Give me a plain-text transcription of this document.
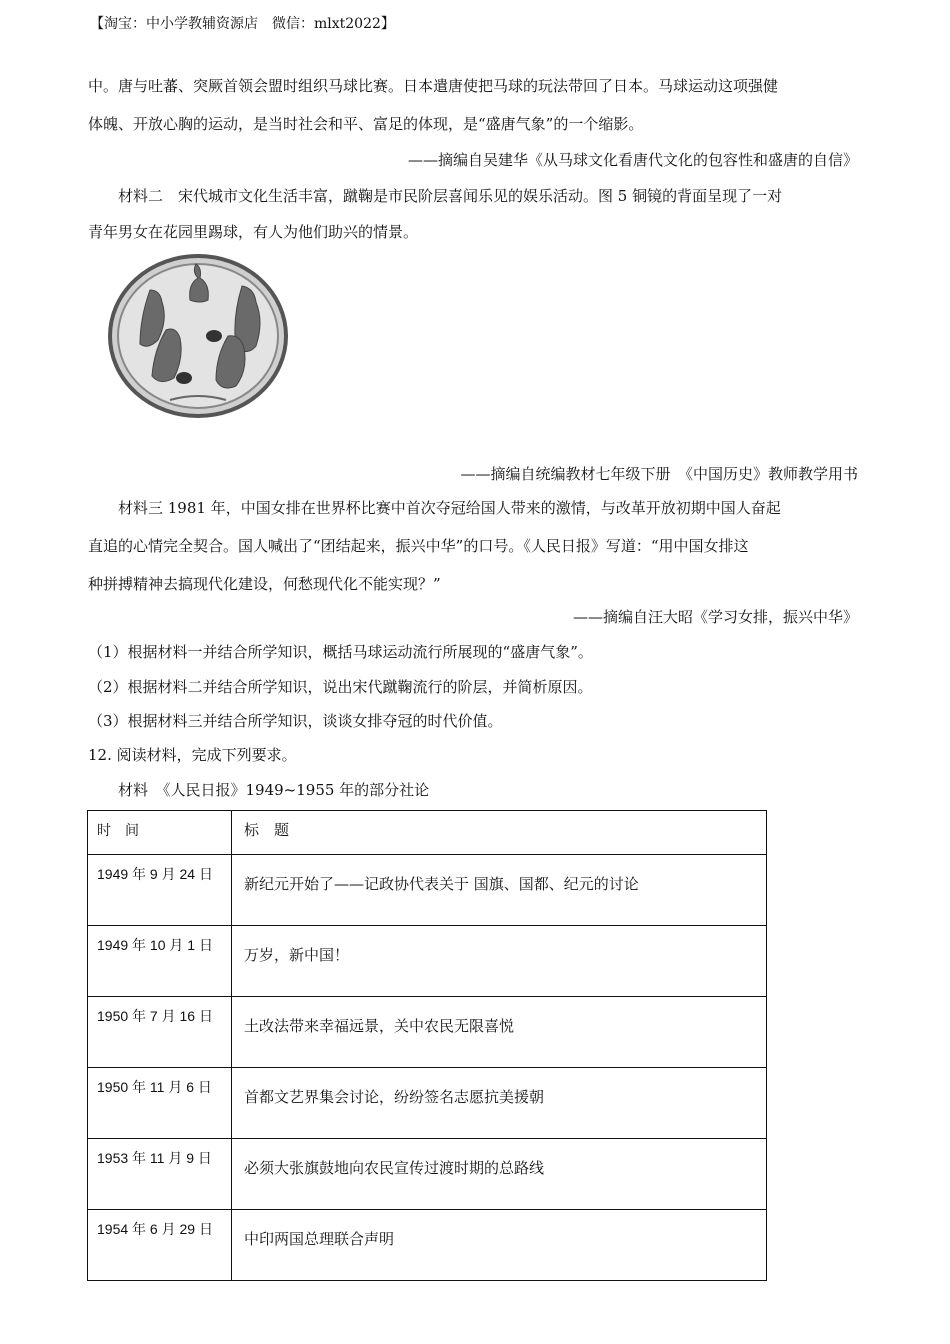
【淘宝：中小学教辅资源店　微信：mlxt2022】
中。唐与吐蕃、突厥首领会盟时组织马球比赛。日本遣唐使把马球的玩法带回了日本。马球运动这项强健
体魄、开放心胸的运动，是当时社会和平、富足的体现，是“盛唐气象”的一个缩影。
——摘编自吴建华《从马球文化看唐代文化的包容性和盛唐的自信》
材料二　宋代城市文化生活丰富，蹴鞠是市民阶层喜闻乐见的娱乐活动。图 5 铜镜的背面呈现了一对
青年男女在花园里踢球，有人为他们助兴的情景。
——摘编自统编教材七年级下册　《中国历史》教师教学用书
材料三 1981 年，中国女排在世界杯比赛中首次夺冠给国人带来的激情，与改革开放初期中国人奋起
直追的心情完全契合。国人喊出了“团结起来，振兴中华”的口号。《人民日报》写道：“用中国女排这
种拼搏精神去搞现代化建设，何愁现代化不能实现？”
——摘编自汪大昭《学习女排，振兴中华》
（1）根据材料一并结合所学知识，概括马球运动流行所展现的“盛唐气象”。
（2）根据材料二并结合所学知识，说出宋代蹴鞠流行的阶层，并简析原因。
（3）根据材料三并结合所学知识，谈谈女排夺冠的时代价值。
12. 阅读材料，完成下列要求。
材料　《人民日报》1949~1955 年的部分社论
时　间	标　题
1949 年 9 月 24 日	新纪元开始了——记政协代表关于 国旗、国都、纪元的讨论
1949 年 10 月 1 日	万岁，新中国！
1950 年 7 月 16 日	土改法带来幸福远景，关中农民无限喜悦
1950 年 11 月 6 日	首都文艺界集会讨论，纷纷签名志愿抗美援朝
1953 年 11 月 9 日	必须大张旗鼓地向农民宣传过渡时期的总路线
1954 年 6 月 29 日	中印两国总理联合声明
